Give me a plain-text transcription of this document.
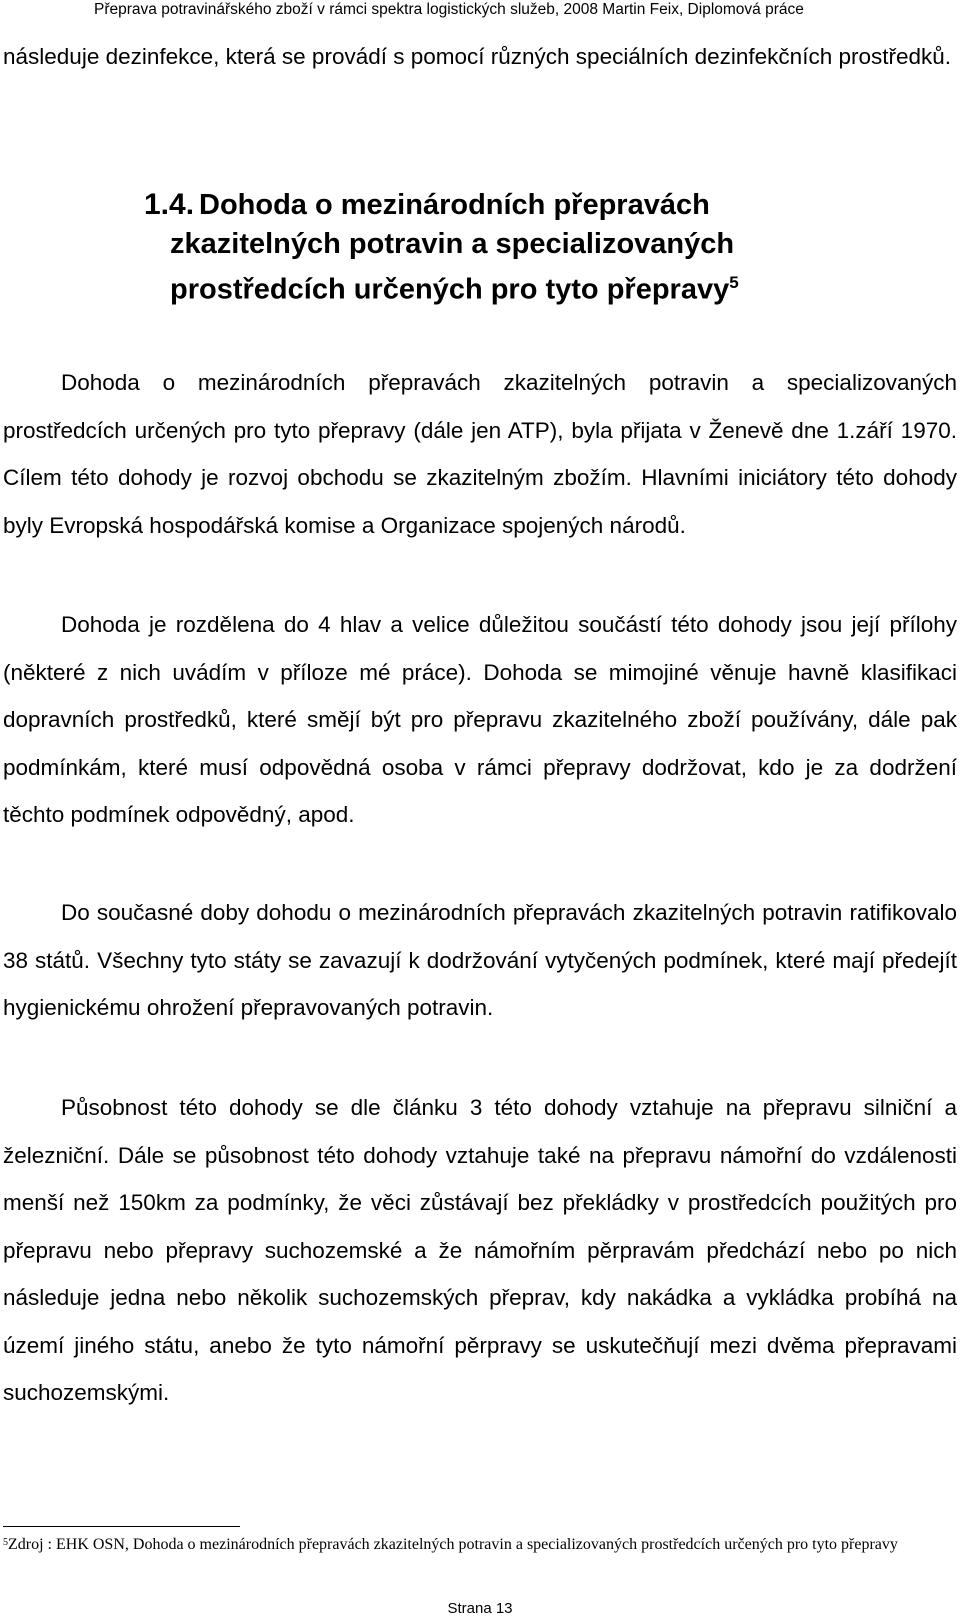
Přeprava potravinářského zboží v rámci spektra logistických služeb, 2008 Martin Feix, Diplomová práce

následuje dezinfekce, která se provádí s pomocí různých speciálních dezinfekčních prostředků.

1.4. Dohoda o mezinárodních přepravách
zkazitelných potravin a specializovaných
prostředcích určených pro tyto přepravy$^5$

Dohoda o mezinárodních přepravách zkazitelných potravin a specializovaných prostředcích určených pro tyto přepravy (dále jen ATP), byla přijata v Ženevě dne 1.září 1970. Cílem této dohody je rozvoj obchodu se zkazitelným zbožím. Hlavními iniciátory této dohody byly Evropská hospodářská komise a Organizace spojených národů.

Dohoda je rozdělena do 4 hlav a velice důležitou součástí této dohody jsou její přílohy (některé z nich uvádím v příloze mé práce). Dohoda se mimojiné věnuje havně klasifikaci dopravních prostředků, které smějí být pro přepravu zkazitelného zboží používány, dále pak podmínkám, které musí odpovědná osoba v rámci přepravy dodržovat, kdo je za dodržení těchto podmínek odpovědný, apod.

Do současné doby dohodu o mezinárodních přepravách zkazitelných potravin ratifikovalo 38 států. Všechny tyto státy se zavazují k dodržování vytyčených podmínek, které mají předejít hygienickému ohrožení přepravovaných potravin.

Působnost této dohody se dle článku 3 této dohody vztahuje na přepravu silniční a železniční. Dále se působnost této dohody vztahuje také na přepravu námořní do vzdálenosti menší než 150km za podmínky, že věci zůstávají bez překládky v prostředcích použitých pro přepravu nebo přepravy suchozemské a že námořním pěrpravám předchází nebo po nich následuje jedna nebo několik suchozemských přeprav, kdy nakádka a vykládka probíhá na území jiného státu, anebo že tyto námořní pěrpravy se uskutečňují mezi dvěma přepravami suchozemskými.

$^5$Zdroj : EHK OSN, Dohoda o mezinárodních přepravách zkazitelných potravin a specializovaných prostředcích určených pro tyto přepravy
Strana 13
